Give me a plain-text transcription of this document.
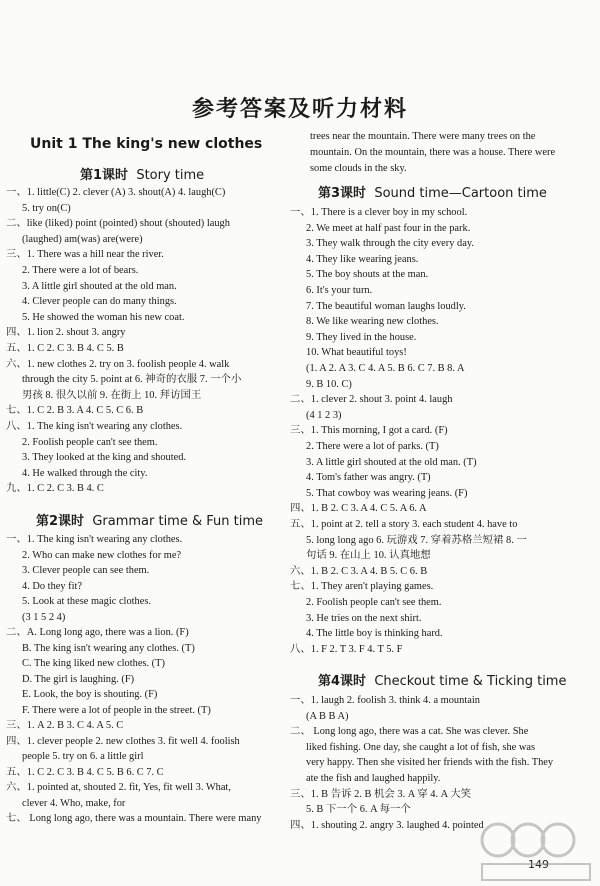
参考答案及听力材料
Unit 1 The king's new clothes
第1课时 Story time
一、1. little(C) 2. clever (A) 3. shout(A) 4. laugh(C)
5. try on(C)
二、like (liked) point (pointed) shout (shouted) laugh
(laughed) am(was) are(were)
三、1. There was a hill near the river.
2. There were a lot of bears.
3. A little girl shouted at the old man.
4. Clever people can do many things.
5. He showed the woman his new coat.
四、1. lion 2. shout 3. angry
五、1. C 2. C 3. B 4. C 5. B
六、1. new clothes 2. try on 3. foolish people 4. walk
through the city 5. point at 6. 神奇的衣服 7. 一个小
男孩 8. 很久以前 9. 在街上 10. 拜访国王
七、1. C 2. B 3. A 4. C 5. C 6. B
八、1. The king isn't wearing any clothes.
2. Foolish people can't see them.
3. They looked at the king and shouted.
4. He walked through the city.
九、1. C 2. C 3. B 4. C
第2课时 Grammar time & Fun time
一、1. The king isn't wearing any clothes.
2. Who can make new clothes for me?
3. Clever people can see them.
4. Do they fit?
5. Look at these magic clothes.
(3 1 5 2 4)
二、A. Long long ago, there was a lion. (F)
B. The king isn't wearing any clothes. (T)
C. The king liked new clothes. (T)
D. The girl is laughing. (F)
E. Look, the boy is shouting. (F)
F. There were a lot of people in the street. (T)
三、1. A 2. B 3. C 4. A 5. C
四、1. clever people 2. new clothes 3. fit well 4. foolish
people 5. try on 6. a little girl
五、1. C 2. C 3. B 4. C 5. B 6. C 7. C
六、1. pointed at, shouted 2. fit, Yes, fit well 3. What,
clever 4. Who, make, for
七、 Long long ago, there was a mountain. There were many
trees near the mountain. There were many trees on the
mountain. On the mountain, there was a house. There were
some clouds in the sky.
第3课时 Sound time—Cartoon time
一、1. There is a clever boy in my school.
2. We meet at half past four in the park.
3. They walk through the city every day.
4. They like wearing jeans.
5. The boy shouts at the man.
6. It's your turn.
7. The beautiful woman laughs loudly.
8. We like wearing new clothes.
9. They lived in the house.
10. What beautiful toys!
(1. A 2. A 3. C 4. A 5. B 6. C 7. B 8. A
9. B 10. C)
二、1. clever 2. shout 3. point 4. laugh
(4 1 2 3)
三、1. This morning, I got a card. (F)
2. There were a lot of parks. (T)
3. A little girl shouted at the old man. (T)
4. Tom's father was angry. (T)
5. That cowboy was wearing jeans. (F)
四、1. B 2. C 3. A 4. C 5. A 6. A
五、1. point at 2. tell a story 3. each student 4. have to
5. long long ago 6. 玩游戏 7. 穿着苏格兰短裙 8. 一
句话 9. 在山上 10. 认真地想
六、1. B 2. C 3. A 4. B 5. C 6. B
七、1. They aren't playing games.
2. Foolish people can't see them.
3. He tries on the next shirt.
4. The little boy is thinking hard.
八、1. F 2. T 3. F 4. T 5. F
第4课时 Checkout time & Ticking time
一、1. laugh 2. foolish 3. think 4. a mountain
(A B B A)
二、 Long long ago, there was a cat. She was clever. She
liked fishing. One day, she caught a lot of fish, she was
very happy. Then she visited her friends with the fish. They
ate the fish and laughed happily.
三、1. B 告诉 2. B 机会 3. A 穿 4. A 大笑
5. B 下一个 6. A 每一个
四、1. shouting 2. angry 3. laughed 4. pointed
149
